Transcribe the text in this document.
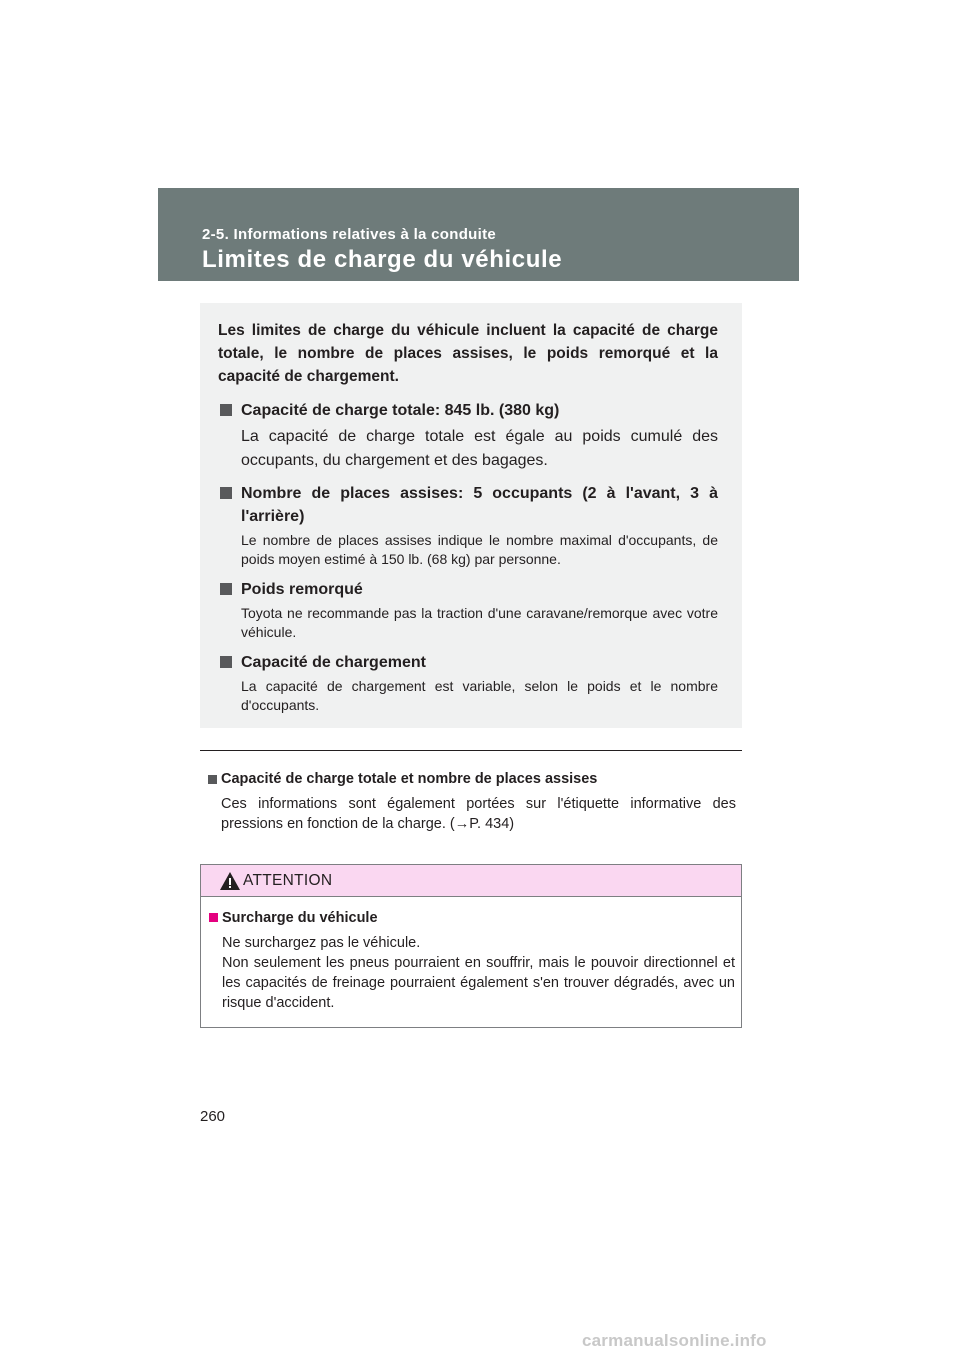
2-5. Informations relatives à la conduite
Limites de charge du véhicule

Les limites de charge du véhicule incluent la capacité de charge totale, le nombre de places assises, le poids remorqué et la capacité de chargement.

Capacité de charge totale: 845 lb. (380 kg)
La capacité de charge totale est égale au poids cumulé des occupants, du chargement et des bagages.
Nombre de places assises: 5 occupants (2 à l'avant, 3 à l'arrière)
Le nombre de places assises indique le nombre maximal d'occupants, de poids moyen estimé à 150 lb. (68 kg) par personne.
Poids remorqué
Toyota ne recommande pas la traction d'une caravane/remorque avec votre véhicule.
Capacité de chargement
La capacité de chargement est variable, selon le poids et le nombre d'occupants.
Capacité de charge totale et nombre de places assises
Ces informations sont également portées sur l'étiquette informative des pressions en fonction de la charge. (→P. 434)
ATTENTION
Surcharge du véhicule

Ne surchargez pas le véhicule.

Non seulement les pneus pourraient en souffrir, mais le pouvoir directionnel et les capacités de freinage pourraient également s'en trouver dégradés, avec un risque d'accident.

260
carmanualsonline.info
